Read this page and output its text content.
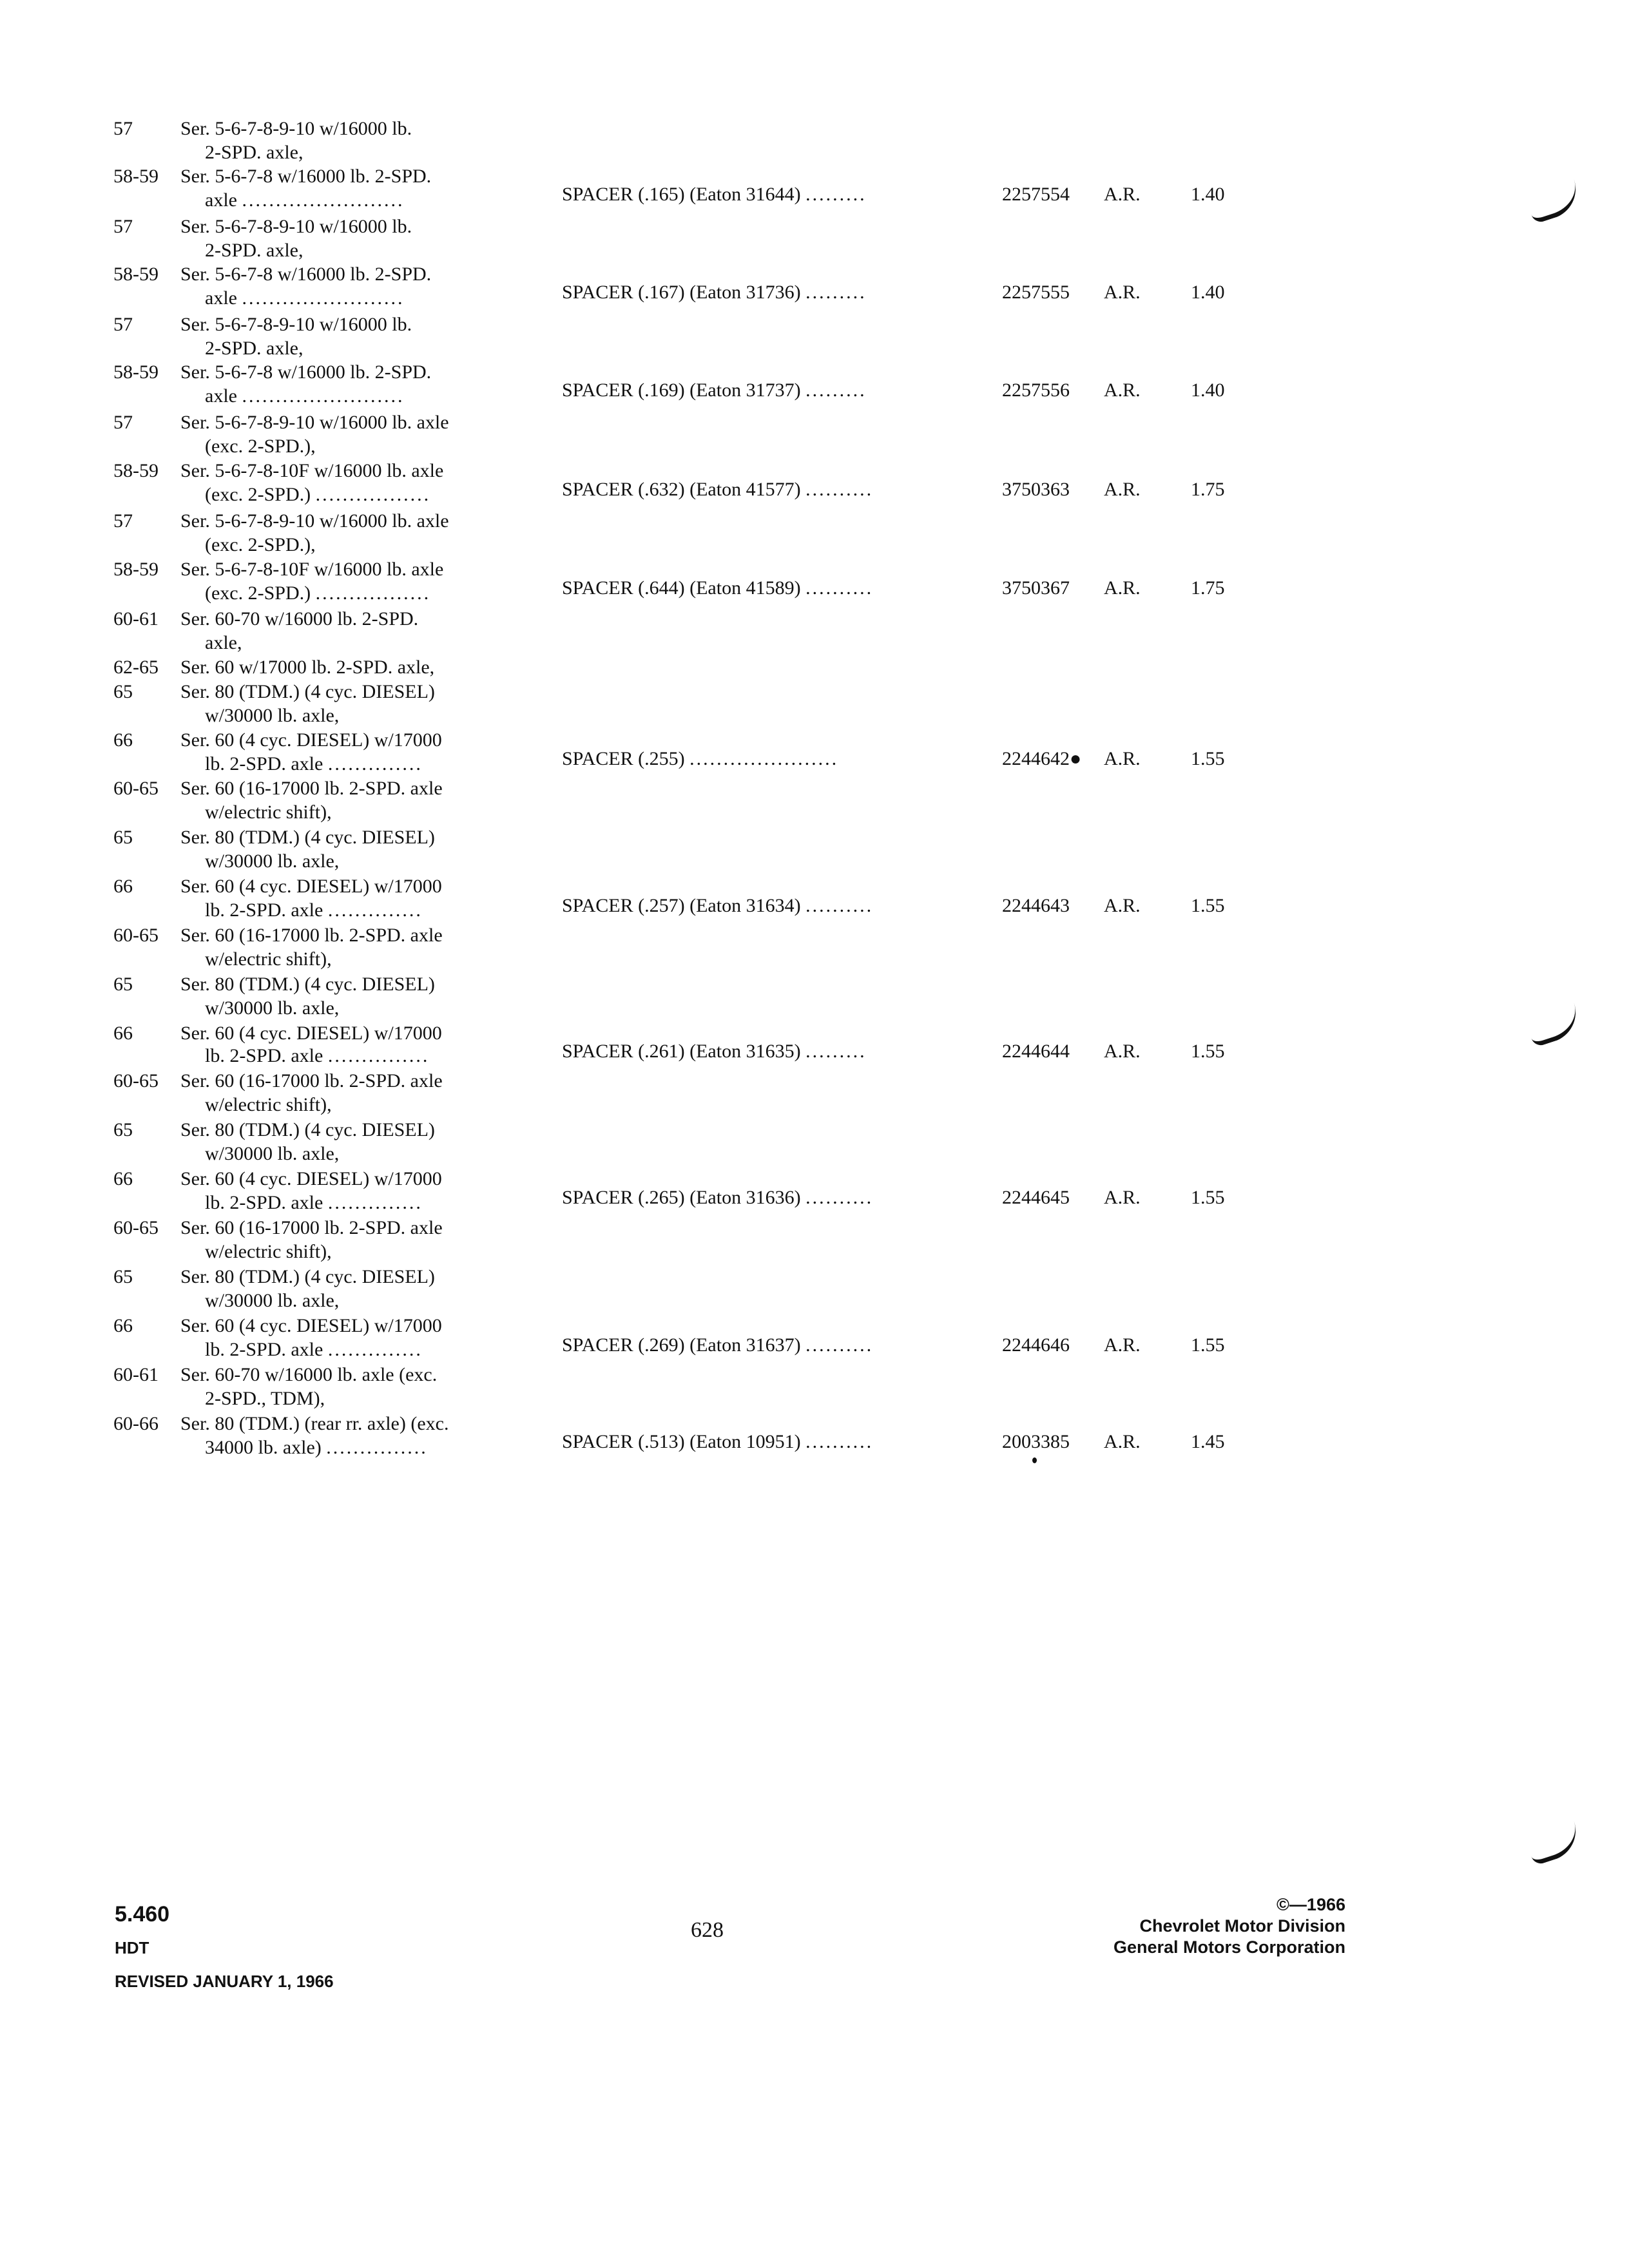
57 Ser. 5-6-7-8-9-10 w/16000 lb.
2-SPD. axle,
58-59 Ser. 5-6-7-8 w/16000 lb. 2-SPD.
axle ........................	SPACER (.165) (Eaton 31644) .........	2257554 A.R.	1.40
57 Ser. 5-6-7-8-9-10 w/16000 lb.
2-SPD. axle,
58-59 Ser. 5-6-7-8 w/16000 lb. 2-SPD.
axle ........................	SPACER (.167) (Eaton 31736) .........	2257555 A.R.	1.40
57 Ser. 5-6-7-8-9-10 w/16000 lb.
2-SPD. axle,
58-59 Ser. 5-6-7-8 w/16000 lb. 2-SPD.
axle ........................	SPACER (.169) (Eaton 31737) .........	2257556 A.R.	1.40
57 Ser. 5-6-7-8-9-10 w/16000 lb. axle
(exc. 2-SPD.),
58-59 Ser. 5-6-7-8-10F w/16000 lb. axle
(exc. 2-SPD.) .................	SPACER (.632) (Eaton 41577) ..........	3750363 A.R.	1.75
57 Ser. 5-6-7-8-9-10 w/16000 lb. axle
(exc. 2-SPD.),
58-59 Ser. 5-6-7-8-10F w/16000 lb. axle
(exc. 2-SPD.) .................	SPACER (.644) (Eaton 41589) ..........	3750367 A.R.	1.75
60-61 Ser. 60-70 w/16000 lb. 2-SPD.
axle,
62-65 Ser. 60 w/17000 lb. 2-SPD. axle,
65 Ser. 80 (TDM.) (4 cyc. DIESEL)
w/30000 lb. axle,
66 Ser. 60 (4 cyc. DIESEL) w/17000
lb. 2-SPD. axle ..............	SPACER (.255) ......................	2244642● A.R.	1.55
60-65 Ser. 60 (16-17000 lb. 2-SPD. axle
w/electric shift),
65 Ser. 80 (TDM.) (4 cyc. DIESEL)
w/30000 lb. axle,
66 Ser. 60 (4 cyc. DIESEL) w/17000
lb. 2-SPD. axle ..............	SPACER (.257) (Eaton 31634) ..........	2244643 A.R.	1.55
60-65 Ser. 60 (16-17000 lb. 2-SPD. axle
w/electric shift),
65 Ser. 80 (TDM.) (4 cyc. DIESEL)
w/30000 lb. axle,
66 Ser. 60 (4 cyc. DIESEL) w/17000
lb. 2-SPD. axle ...............	SPACER (.261) (Eaton 31635) .........	2244644 A.R.	1.55
60-65 Ser. 60 (16-17000 lb. 2-SPD. axle
w/electric shift),
65 Ser. 80 (TDM.) (4 cyc. DIESEL)
w/30000 lb. axle,
66 Ser. 60 (4 cyc. DIESEL) w/17000
lb. 2-SPD. axle ..............	SPACER (.265) (Eaton 31636) ..........	2244645 A.R.	1.55
60-65 Ser. 60 (16-17000 lb. 2-SPD. axle
w/electric shift),
65 Ser. 80 (TDM.) (4 cyc. DIESEL)
w/30000 lb. axle,
66 Ser. 60 (4 cyc. DIESEL) w/17000
lb. 2-SPD. axle ..............	SPACER (.269) (Eaton 31637) ..........	2244646 A.R.	1.55
60-61 Ser. 60-70 w/16000 lb. axle (exc.
2-SPD., TDM),
60-66 Ser. 80 (TDM.) (rear rr. axle) (exc.
34000 lb. axle) ...............	SPACER (.513) (Eaton 10951) ..........	2003385 A.R.	1.45
5.460
HDT
REVISED JANUARY 1, 1966
628
©—1966
Chevrolet Motor Division
General Motors Corporation
